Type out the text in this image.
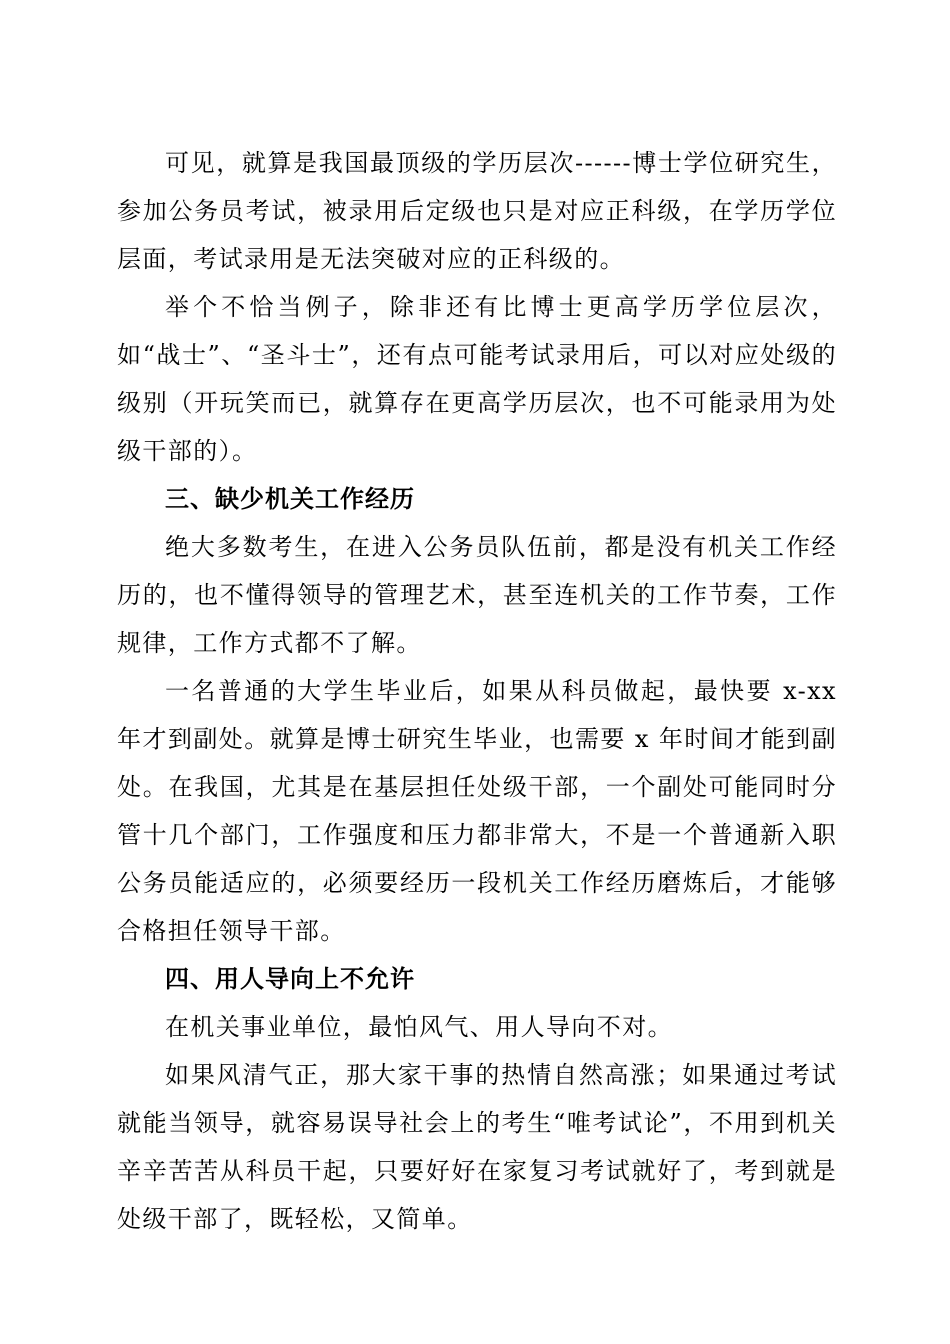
可见，就算是我国最顶级的学历层次------博士学位研究生，参加公务员考试，被录用后定级也只是对应正科级，在学历学位层面，考试录用是无法突破对应的正科级的。

举个不恰当例子，除非还有比博士更高学历学位层次，如“战士”、“圣斗士”，还有点可能考试录用后，可以对应处级的级别（开玩笑而已，就算存在更高学历层次，也不可能录用为处级干部的）。

三、缺少机关工作经历

绝大多数考生，在进入公务员队伍前，都是没有机关工作经历的，也不懂得领导的管理艺术，甚至连机关的工作节奏，工作规律，工作方式都不了解。

一名普通的大学生毕业后，如果从科员做起，最快要 x-xx年才到副处。就算是博士研究生毕业，也需要 x 年时间才能到副处。在我国，尤其是在基层担任处级干部，一个副处可能同时分管十几个部门，工作强度和压力都非常大，不是一个普通新入职公务员能适应的，必须要经历一段机关工作经历磨炼后，才能够合格担任领导干部。

四、用人导向上不允许

在机关事业单位，最怕风气、用人导向不对。

如果风清气正，那大家干事的热情自然高涨；如果通过考试就能当领导，就容易误导社会上的考生“唯考试论”，不用到机关辛辛苦苦从科员干起，只要好好在家复习考试就好了，考到就是处级干部了，既轻松，又简单。
